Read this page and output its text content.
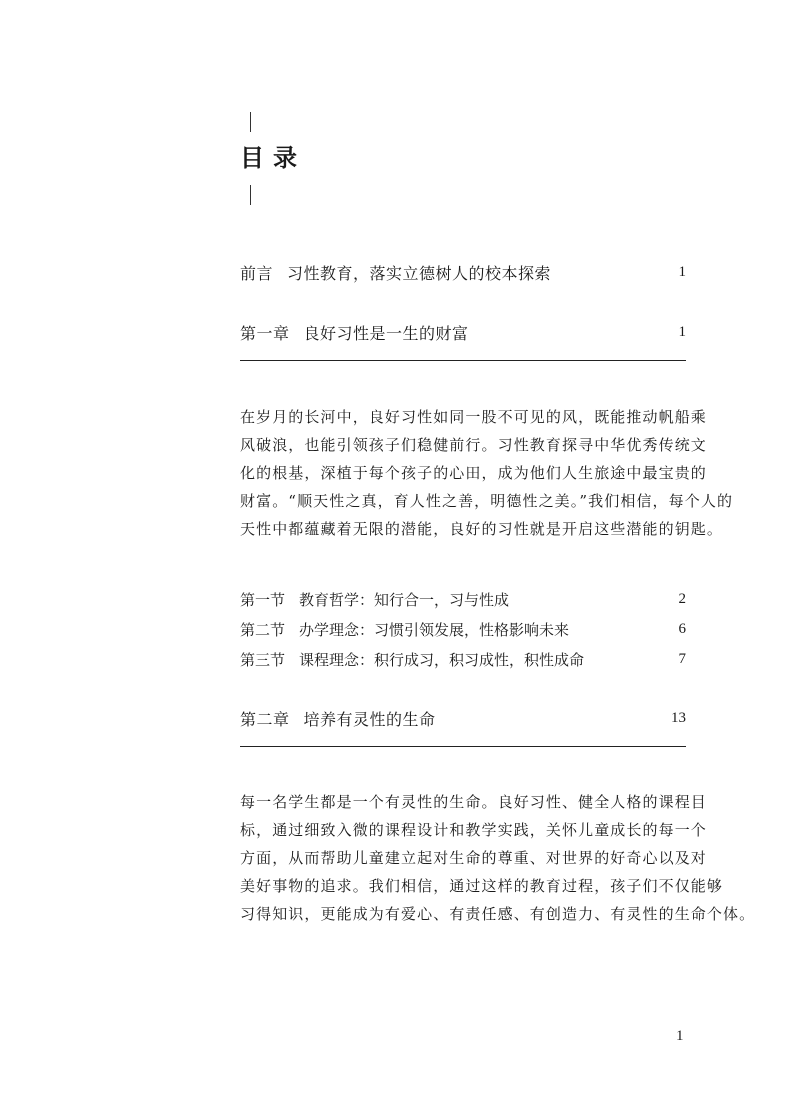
目录
前言 习性教育，落实立德树人的校本探索	1
第一章 良好习性是一生的财富	1
在岁月的长河中，良好习性如同一股不可见的风，既能推动帆船乘
风破浪，也能引领孩子们稳健前行。习性教育探寻中华优秀传统文
化的根基，深植于每个孩子的心田，成为他们人生旅途中最宝贵的
财富。“顺天性之真，育人性之善，明德性之美。”我们相信，每个人的
天性中都蕴藏着无限的潜能，良好的习性就是开启这些潜能的钥匙。
第一节 教育哲学：知行合一，习与性成	2
第二节 办学理念：习惯引领发展，性格影响未来	6
第三节 课程理念：积行成习，积习成性，积性成命	7
第二章 培养有灵性的生命	13
每一名学生都是一个有灵性的生命。良好习性、健全人格的课程目
标，通过细致入微的课程设计和教学实践，关怀儿童成长的每一个
方面，从而帮助儿童建立起对生命的尊重、对世界的好奇心以及对
美好事物的追求。我们相信，通过这样的教育过程，孩子们不仅能够
习得知识，更能成为有爱心、有责任感、有创造力、有灵性的生命个体。
1
